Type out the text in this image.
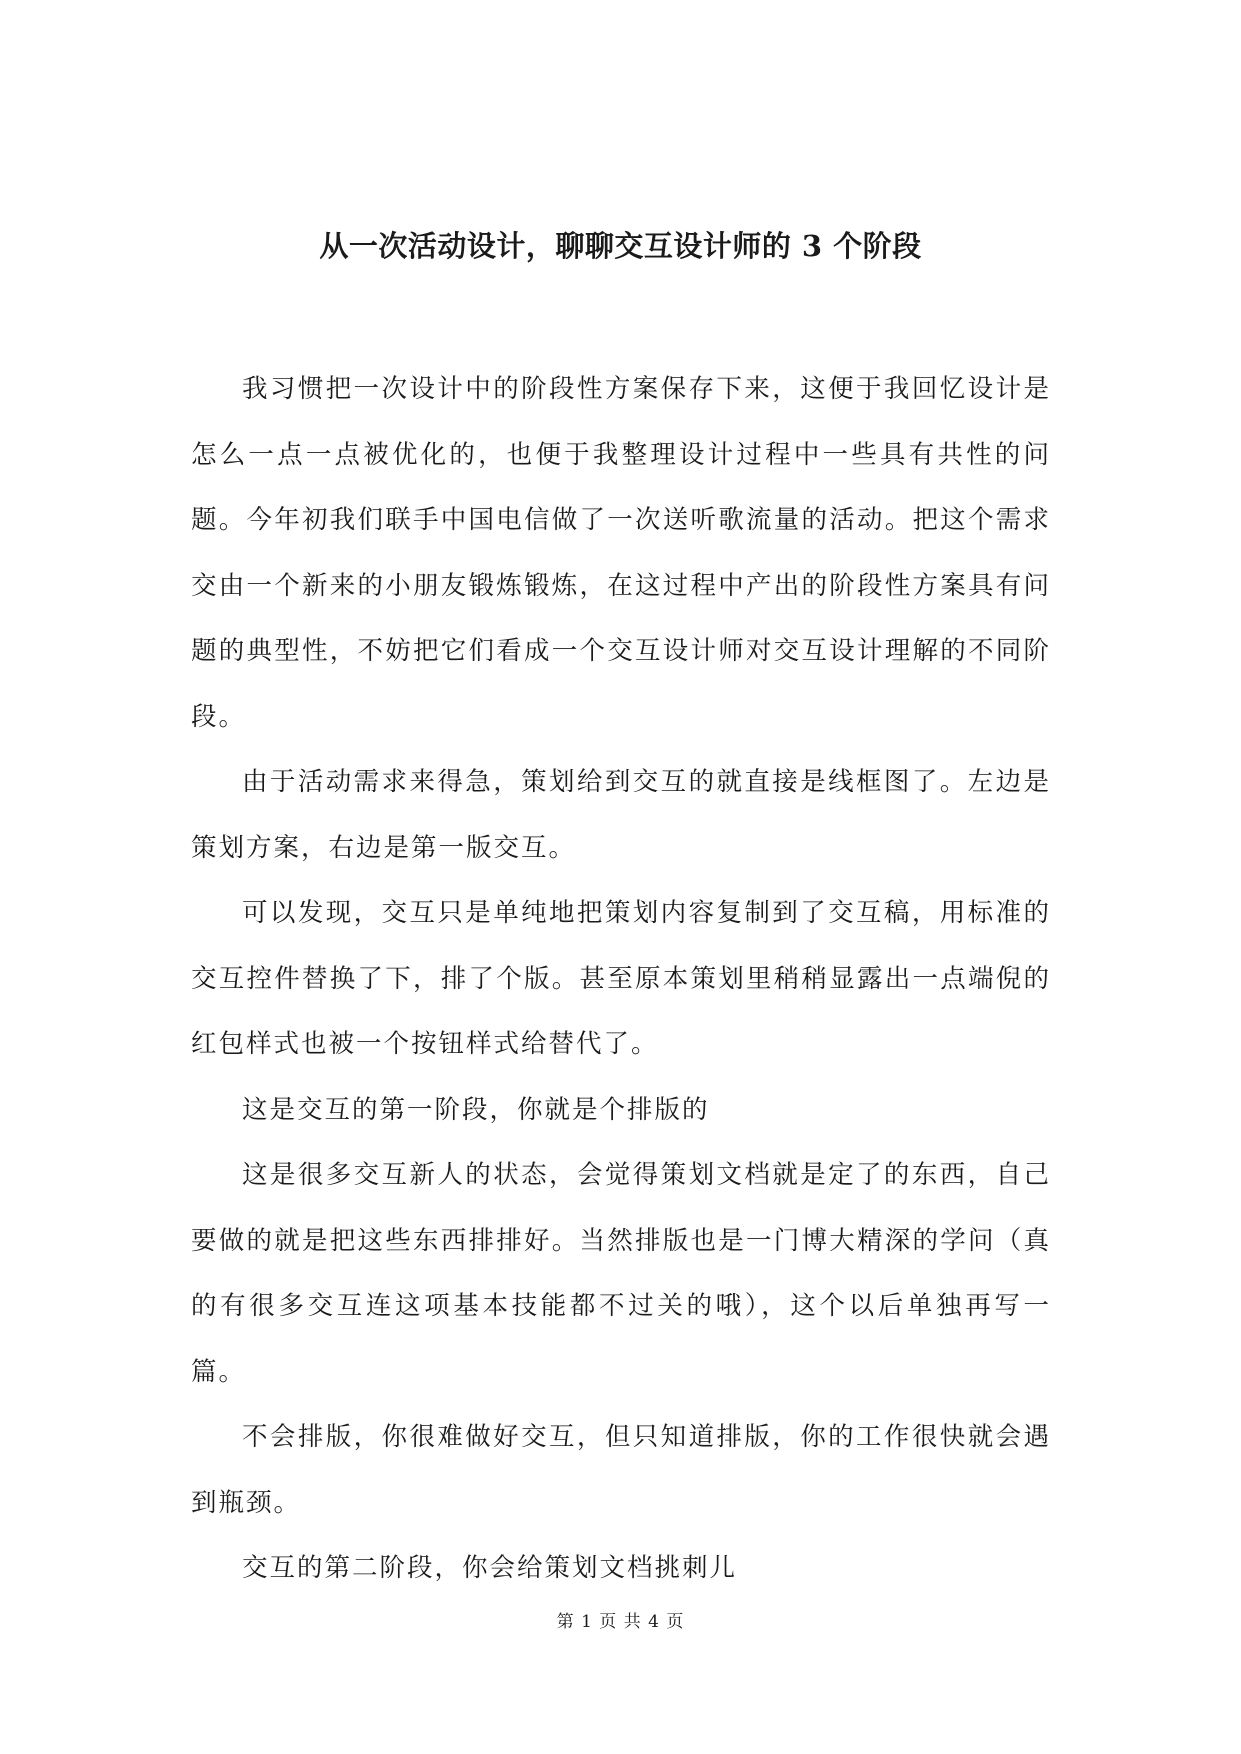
从一次活动设计，聊聊交互设计师的 3 个阶段

我习惯把一次设计中的阶段性方案保存下来，这便于我回忆设计是怎么一点一点被优化的，也便于我整理设计过程中一些具有共性的问题。今年初我们联手中国电信做了一次送听歌流量的活动。把这个需求交由一个新来的小朋友锻炼锻炼，在这过程中产出的阶段性方案具有问题的典型性，不妨把它们看成一个交互设计师对交互设计理解的不同阶段。

由于活动需求来得急，策划给到交互的就直接是线框图了。左边是策划方案，右边是第一版交互。

可以发现，交互只是单纯地把策划内容复制到了交互稿，用标准的交互控件替换了下，排了个版。甚至原本策划里稍稍显露出一点端倪的红包样式也被一个按钮样式给替代了。

这是交互的第一阶段，你就是个排版的

这是很多交互新人的状态，会觉得策划文档就是定了的东西，自己要做的就是把这些东西排排好。当然排版也是一门博大精深的学问（真的有很多交互连这项基本技能都不过关的哦），这个以后单独再写一篇。

不会排版，你很难做好交互，但只知道排版，你的工作很快就会遇到瓶颈。

交互的第二阶段，你会给策划文档挑刺儿

第 1 页 共 4 页
